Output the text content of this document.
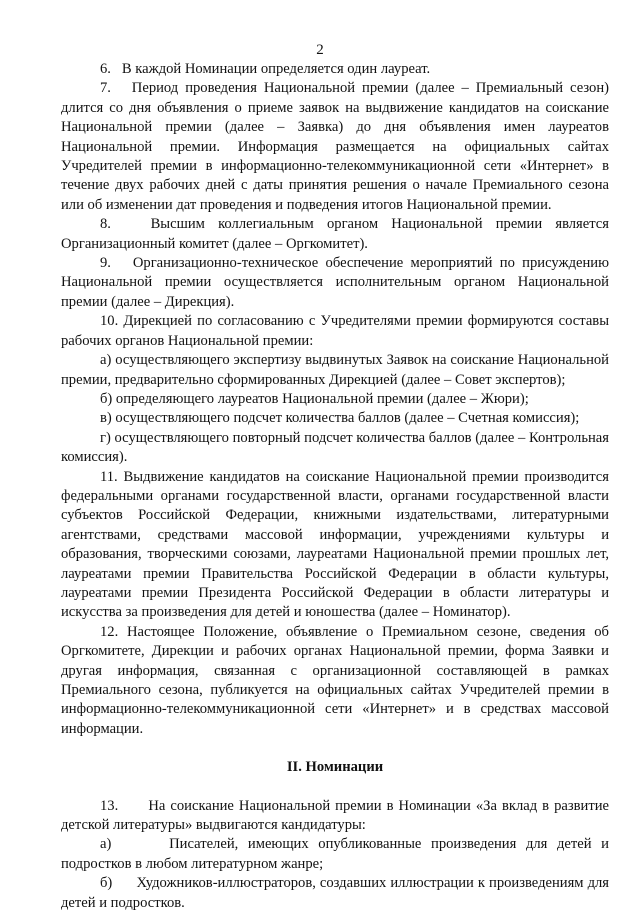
2

6.   В каждой Номинации определяется один лауреат.

7.   Период проведения Национальной премии (далее – Премиальный сезон) длится со дня объявления о приеме заявок на выдвижение кандидатов на соискание Национальной премии (далее – Заявка) до дня объявления имен лауреатов Национальной премии. Информация размещается на официальных сайтах Учредителей премии в информационно-телекоммуникационной сети «Интернет» в течение двух рабочих дней с даты принятия решения о начале Премиального сезона или об изменении дат проведения и подведения итогов Национальной премии.

8.   Высшим коллегиальным органом Национальной премии является Организационный комитет (далее – Оргкомитет).

9.   Организационно-техническое обеспечение мероприятий по присуждению Национальной премии осуществляется исполнительным органом Национальной премии (далее – Дирекция).

10. Дирекцией по согласованию с Учредителями премии формируются составы рабочих органов Национальной премии:

а) осуществляющего экспертизу выдвинутых Заявок на соискание Национальной премии, предварительно сформированных Дирекцией (далее – Совет экспертов);

б) определяющего лауреатов Национальной премии (далее – Жюри);

в) осуществляющего подсчет количества баллов (далее – Счетная комиссия);

г) осуществляющего повторный подсчет количества баллов (далее – Контрольная комиссия).

11. Выдвижение кандидатов на соискание Национальной премии производится федеральными органами государственной власти, органами государственной власти субъектов Российской Федерации, книжными издательствами, литературными агентствами, средствами массовой информации, учреждениями культуры и образования, творческими союзами, лауреатами Национальной премии прошлых лет, лауреатами премии Правительства Российской Федерации в области культуры, лауреатами премии Президента Российской Федерации в области литературы и искусства за произведения для детей и юношества (далее – Номинатор).

12. Настоящее Положение, объявление о Премиальном сезоне, сведения об Оргкомитете, Дирекции и рабочих органах Национальной премии, форма Заявки и другая информация, связанная с организационной составляющей в рамках Премиального сезона, публикуется на официальных сайтах Учредителей премии в информационно-телекоммуникационной сети «Интернет» и в средствах массовой информации.

II. Номинации

13.      На соискание Национальной премии в Номинации «За вклад в развитие детской литературы» выдвигаются кандидатуры:

а)      Писателей, имеющих опубликованные произведения для детей и подростков в любом литературном жанре;

б)      Художников-иллюстраторов, создавших иллюстрации к произведениям для детей и подростков.
